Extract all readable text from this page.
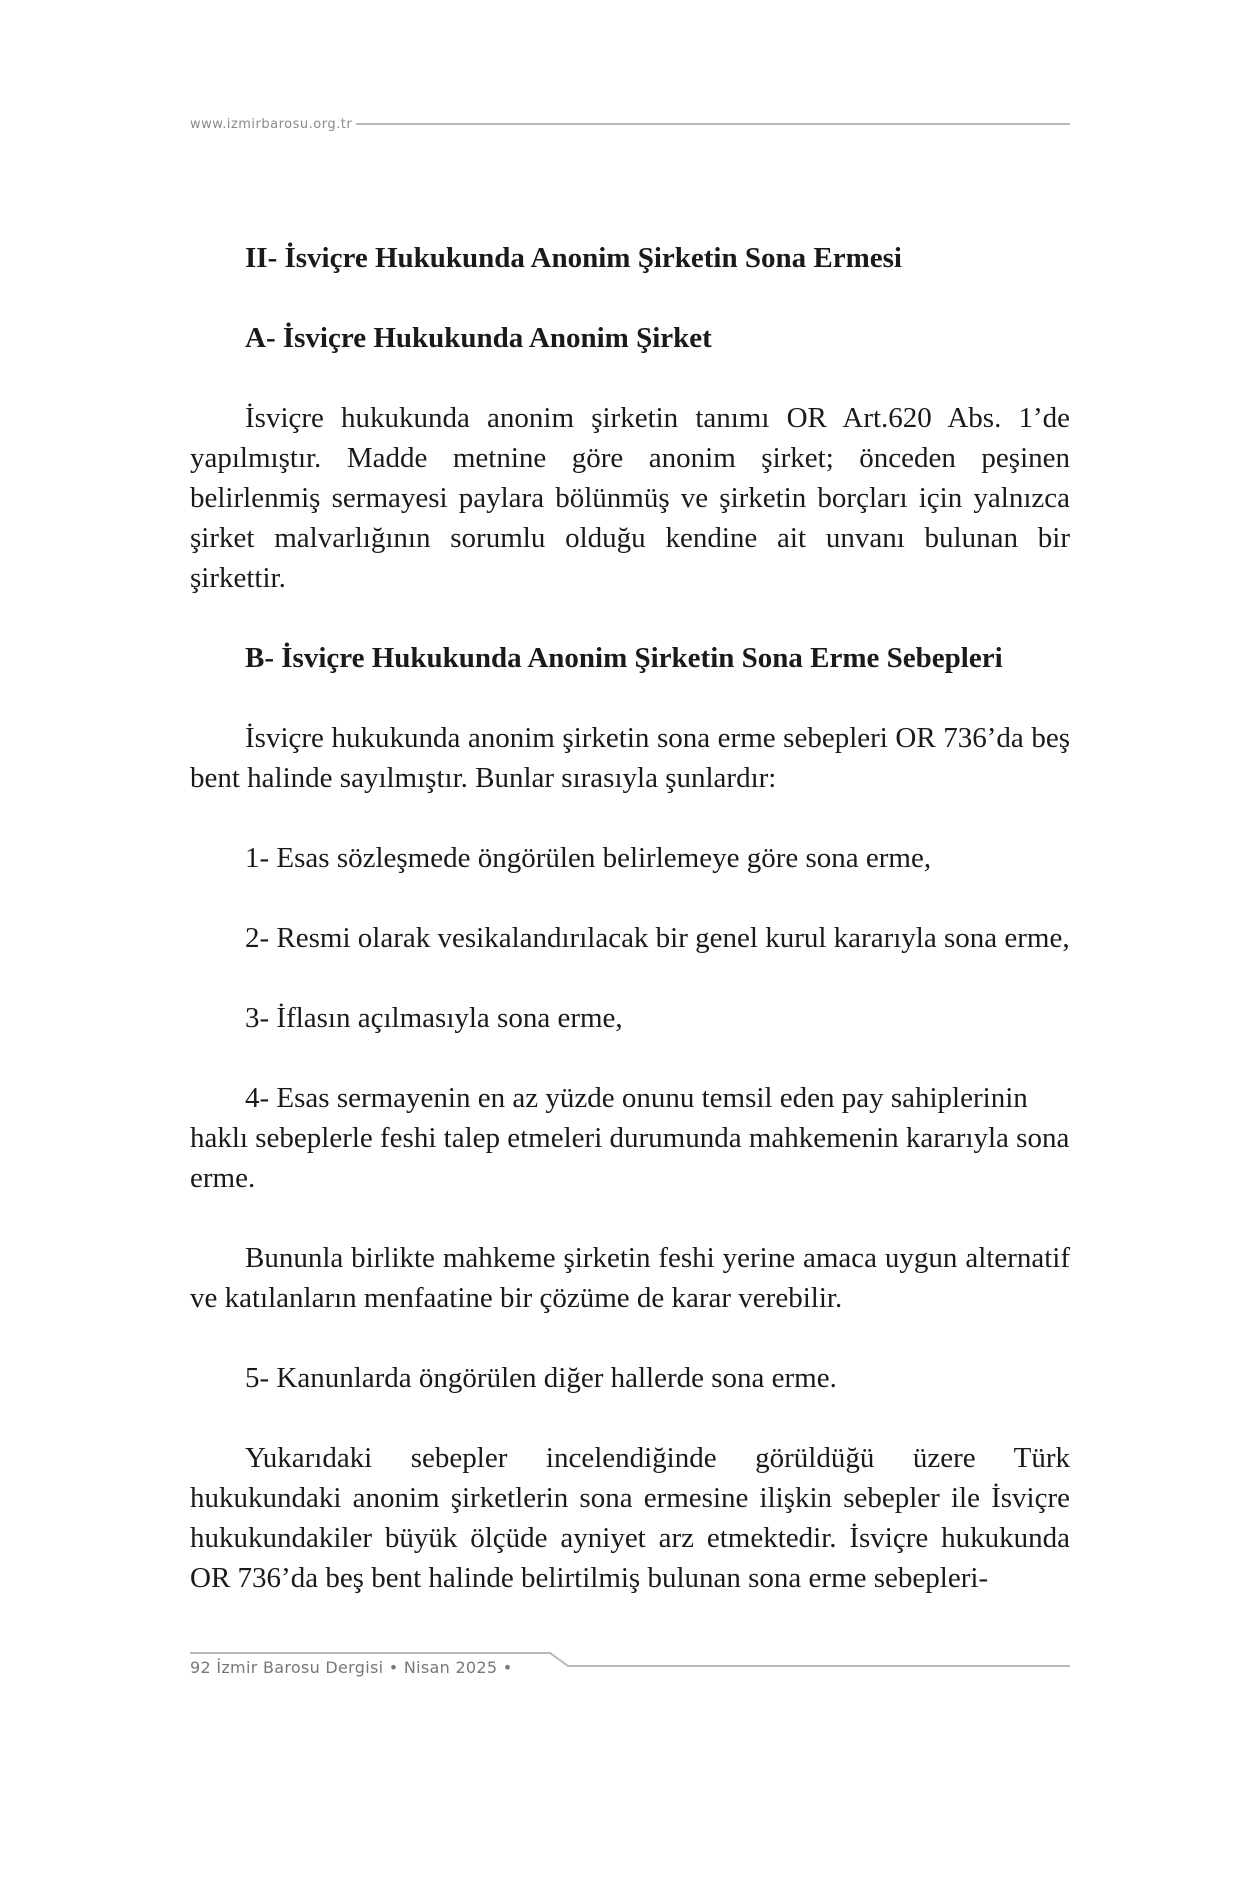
www.izmirbarosu.org.tr

II- İsviçre Hukukunda Anonim Şirketin Sona Ermesi

A- İsviçre Hukukunda Anonim Şirket

İsviçre hukukunda anonim şirketin tanımı OR Art.620 Abs. 1’de yapılmıştır. Madde metnine göre anonim şirket; önceden peşinen belirlenmiş sermayesi paylara bölünmüş ve şirketin borçları için yalnızca şirket malvarlığının sorumlu olduğu kendine ait unvanı bulunan bir şirkettir.

B- İsviçre Hukukunda Anonim Şirketin Sona Erme Sebepleri

İsviçre hukukunda anonim şirketin sona erme sebepleri OR 736’da beş bent halinde sayılmıştır. Bunlar sırasıyla şunlardır:

1- Esas sözleşmede öngörülen belirlemeye göre sona erme,

2- Resmi olarak vesikalandırılacak bir genel kurul kararıyla sona erme,

3- İflasın açılmasıyla sona erme,

4- Esas sermayenin en az yüzde onunu temsil eden pay sahiplerinin haklı sebeplerle feshi talep etmeleri durumunda mahkemenin kararıyla sona erme.

Bununla birlikte mahkeme şirketin feshi yerine amaca uygun alternatif ve katılanların menfaatine bir çözüme de karar verebilir.

5- Kanunlarda öngörülen diğer hallerde sona erme.

Yukarıdaki sebepler incelendiğinde görüldüğü üzere Türk hukukundaki anonim şirketlerin sona ermesine ilişkin sebepler ile İsviçre hukukundakiler büyük ölçüde ayniyet arz etmektedir. İsviçre hukukunda OR 736’da beş bent halinde belirtilmiş bulunan sona erme sebepleri-

92 İzmir Barosu Dergisi • Nisan 2025 •
